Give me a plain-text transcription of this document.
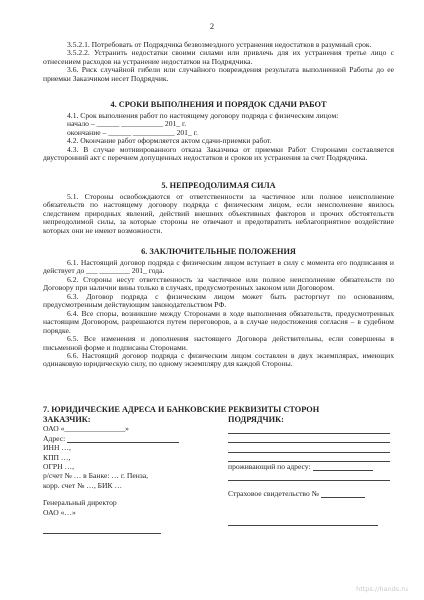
2

3.5.2.1. Потребовать от Подрядчика безвозмездного устранения недостатков в разумный срок.

3.5.2.2. Устранить недостатки своими силами или привлечь для их устранения третье лицо с отнесением расходов на устранение недостатков на Подрядчика.

3.6. Риск случайной гибели или случайного повреждения результата выполненной Работы до ее приемки Заказчиком несет Подрядчик.

4. СРОКИ ВЫПОЛНЕНИЯ И ПОРЯДОК СДАЧИ РАБОТ

4.1. Срок выполнения работ по настоящему договору подряда с физическим лицом:

начало – ______ ___________ 201_ г.

окончание – ______ ___________ 201_ г.

4.2. Окончание работ оформляется актом сдачи-приемки работ.

4.3. В случае мотивированного отказа Заказчика от приемки Работ Сторонами составляется двусторонний акт с перечнем допущенных недостатков и сроков их устранения за счет Подрядчика.

5. НЕПРЕОДОЛИМАЯ СИЛА

5.1. Стороны освобождаются от ответственности за частичное или полное неисполнение обязательств по настоящему договору подряда с физическим лицом, если неисполнение явилось следствием природных явлений, действий внешних объективных факторов и прочих обстоятельств непреодолимой силы, за которые стороны не отвечают и предотвратить неблагоприятное воздействие которых они не имеют возможности.

6. ЗАКЛЮЧИТЕЛЬНЫЕ ПОЛОЖЕНИЯ

6.1. Настоящий договор подряда с физическим лицом вступает в силу с момента его подписания и действует до ___ ________ 201_ года.

6.2. Стороны несут ответственность за частичное или полное неисполнение обязательств по Договору при наличии вины только в случаях, предусмотренных законом или Договором.

6.3. Договор подряда с физическим лицом может быть расторгнут по основаниям, предусмотренным действующим законодательством РФ.

6.4. Все споры, возникшие между Сторонами в ходе выполнения обязательств, предусмотренных настоящим Договором, разрешаются путем переговоров, а в случае недостижения согласия – в судебном порядке.

6.5. Все изменения и дополнения настоящего Договора действительны, если совершены в письменной форме и подписаны Сторонами.

6.6. Настоящий договор подряда с физическим лицом составлен в двух экземплярах, имеющих одинаковую юридическую силу, по одному экземпляру для каждой Стороны.

7. ЮРИДИЧЕСКИЕ АДРЕСА И БАНКОВСКИЕ РЕКВИЗИТЫ СТОРОН
ЗАКАЗЧИК:
ОАО «________________»
Адрес:
ИНН …,
КПП …,
ОГРН …,
р/счет № … в Банке: … г. Пенза,
корр. счет № …, БИК …
Генеральный директор
ОАО «…»
ПОДРЯДЧИК:
проживающий по адресу:
Страховое свидетельство №
https://hands.ru
